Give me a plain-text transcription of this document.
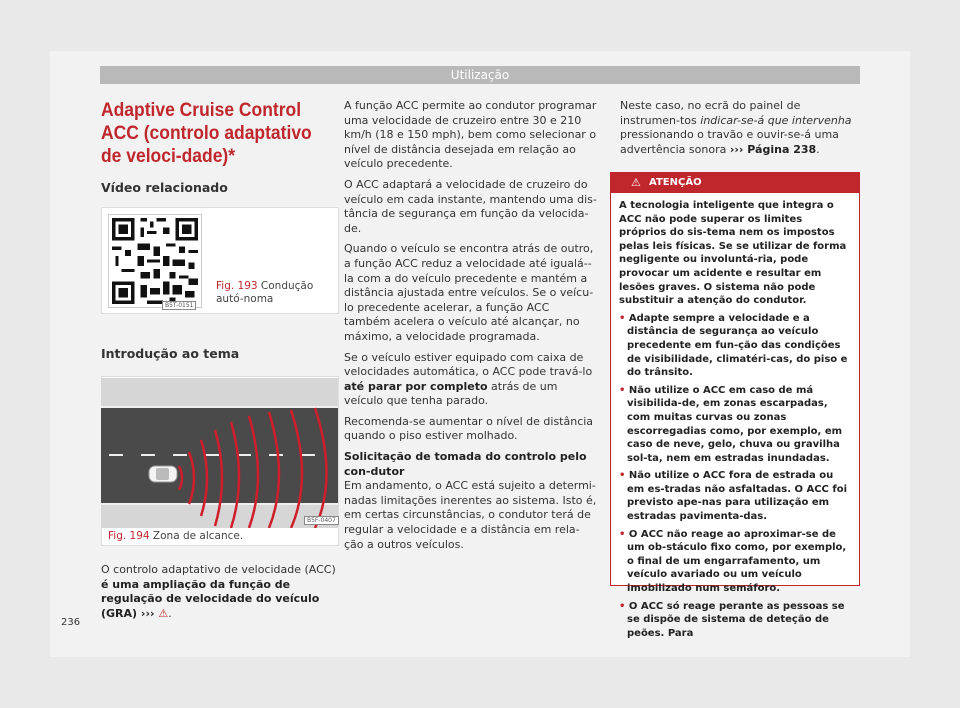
Utilização
Adaptive Cruise Control ACC (controlo adaptativo de veloci-dade)*
Vídeo relacionado
B5T-0151
Fig. 193 Condução autó-noma
Introdução ao tema
B5F-0407
Fig. 194 Zona de alcance.
O controlo adaptativo de velocidade (ACC) é uma ampliação da função de regulação de velocidade do veículo (GRA) ››› ⚠.

A função ACC permite ao condutor programar uma velocidade de cruzeiro entre 30 e 210 km/h (18 e 150 mph), bem como selecionar o nível de distância desejada em relação ao veículo precedente.

O ACC adaptará a velocidade de cruzeiro do veículo em cada instante, mantendo uma dis-tância de segurança em função da velocida-de.

Quando o veículo se encontra atrás de outro, a função ACC reduz a velocidade até igualá--la com a do veículo precedente e mantém a distância ajustada entre veículos. Se o veícu-lo precedente acelerar, a função ACC também acelera o veículo até alcançar, no máximo, a velocidade programada.

Se o veículo estiver equipado com caixa de velocidades automática, o ACC pode travá-lo até parar por completo atrás de um veículo que tenha parado.

Recomenda-se aumentar o nível de distância quando o piso estiver molhado.

Solicitação de tomada do controlo pelo con-dutor

Em andamento, o ACC está sujeito a determi-nadas limitações inerentes ao sistema. Isto é, em certas circunstâncias, o condutor terá de regular a velocidade e a distância em rela-ção a outros veículos.

Neste caso, no ecrã do painel de instrumen-tos indicar-se-á que intervenha pressionando o travão e ouvir-se-á uma advertência sonora ››› Página 238.
⚠ ATENÇÃO

A tecnologia inteligente que integra o ACC não pode superar os limites próprios do sis-tema nem os impostos pelas leis físicas. Se se utilizar de forma negligente ou involuntá-ria, pode provocar um acidente e resultar em lesões graves. O sistema não pode substituir a atenção do condutor.

• Adapte sempre a velocidade e a distância de segurança ao veículo precedente em fun-ção das condições de visibilidade, climatéri-cas, do piso e do trânsito.

• Não utilize o ACC em caso de má visibilida-de, em zonas escarpadas, com muitas curvas ou zonas escorregadias como, por exemplo, em caso de neve, gelo, chuva ou gravilha sol-ta, nem em estradas inundadas.

• Não utilize o ACC fora de estrada ou em es-tradas não asfaltadas. O ACC foi previsto ape-nas para utilização em estradas pavimenta-das.

• O ACC não reage ao aproximar-se de um ob-stáculo fixo como, por exemplo, o final de um engarrafamento, um veículo avariado ou um veículo imobilizado num semáforo.

• O ACC só reage perante as pessoas se se dispõe de sistema de deteção de peões. Para

236
